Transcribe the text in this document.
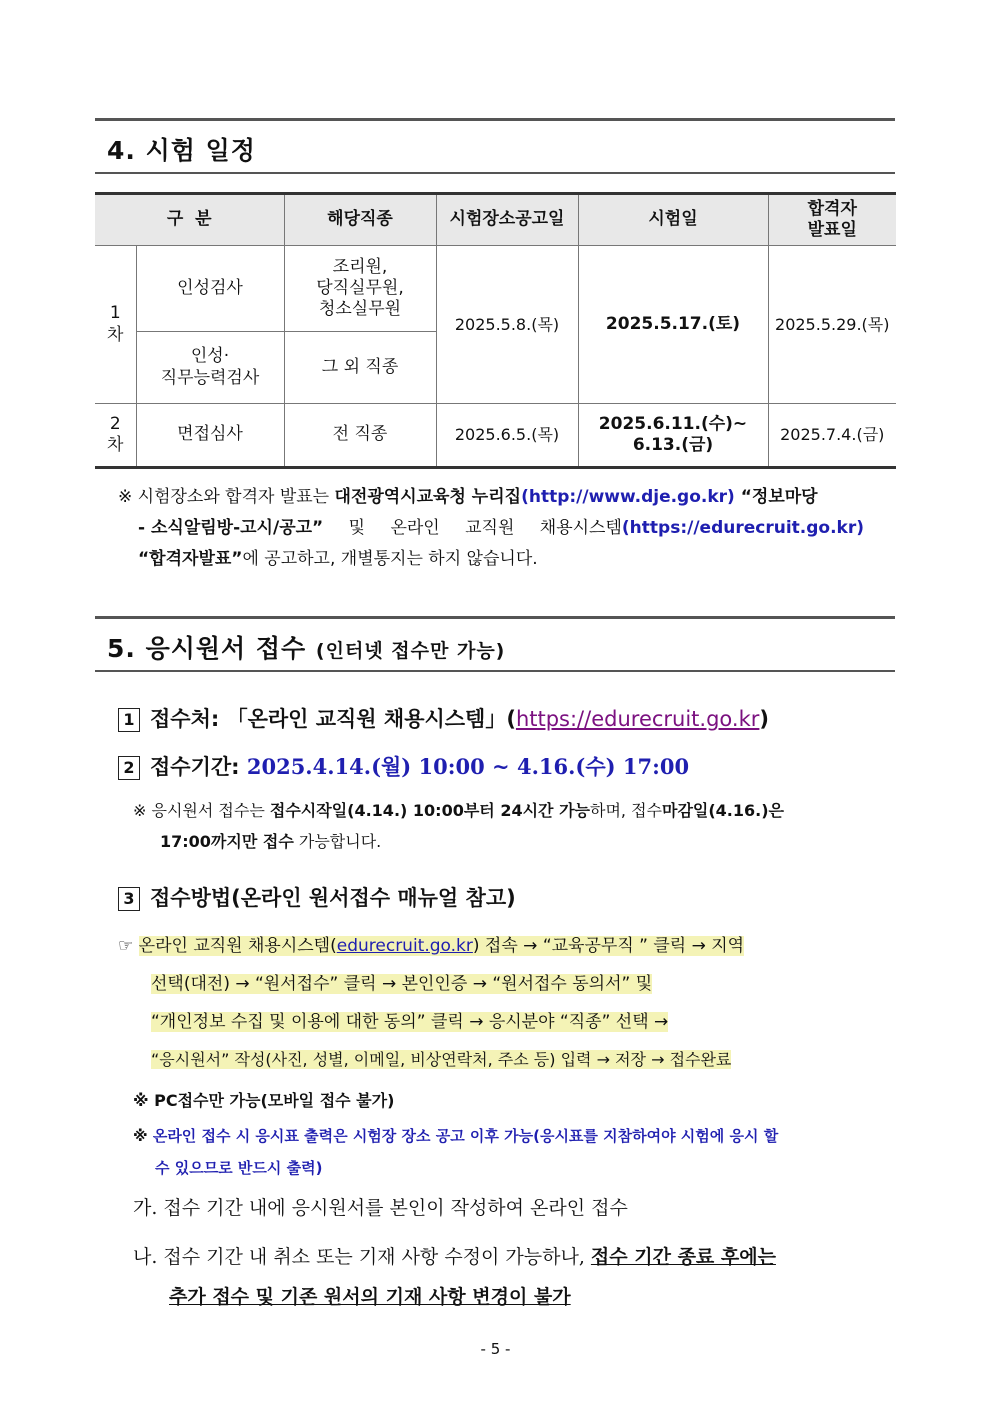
4. 시험 일정
구  분		해당직종	시험장소공고일	시험일	합격자
발표일
1
차	인성검사	조리원,
당직실무원,
청소실무원	2025.5.8.(목)	2025.5.17.(토)	2025.5.29.(목)
	인성·
직무능력검사	그 외 직종			
2
차	면접심사	전 직종	2025.6.5.(목)	2025.6.11.(수)~
6.13.(금)	2025.7.4.(금)
※ 시험장소와 합격자 발표는 대전광역시교육청 누리집(http://www.dje.go.kr) “정보마당
- 소식알림방-고시/공고” 및 온라인 교직원 채용시스템(https://edurecruit.go.kr)
“합격자발표”에 공고하고, 개별통지는 하지 않습니다.
5. 응시원서 접수 (인터넷 접수만 가능)
1 접수처: 「온라인 교직원 채용시스템」(https://edurecruit.go.kr)
2 접수기간: 2025.4.14.(월) 10:00 ~ 4.16.(수) 17:00
※ 응시원서 접수는 접수시작일(4.14.) 10:00부터 24시간 가능하며, 접수마감일(4.16.)은
17:00까지만 접수 가능합니다.
3 접수방법(온라인 원서접수 매뉴얼 참고)
☞ 온라인 교직원 채용시스템(edurecruit.go.kr) 접속 → “교육공무직 ” 클릭 → 지역
선택(대전) → “원서접수” 클릭 → 본인인증 → “원서접수 동의서” 및
“개인정보 수집 및 이용에 대한 동의” 클릭 → 응시분야 “직종” 선택 →
“응시원서” 작성(사진, 성별, 이메일, 비상연락처, 주소 등) 입력 → 저장 → 접수완료
※ PC접수만 가능(모바일 접수 불가)
※ 온라인 접수 시 응시표 출력은 시험장 장소 공고 이후 가능(응시표를 지참하여야 시험에 응시 할
수 있으므로 반드시 출력)
가. 접수 기간 내에 응시원서를 본인이 작성하여 온라인 접수
나. 접수 기간 내 취소 또는 기재 사항 수정이 가능하나, 접수 기간 종료 후에는
추가 접수 및 기존 원서의 기재 사항 변경이 불가
- 5 -
